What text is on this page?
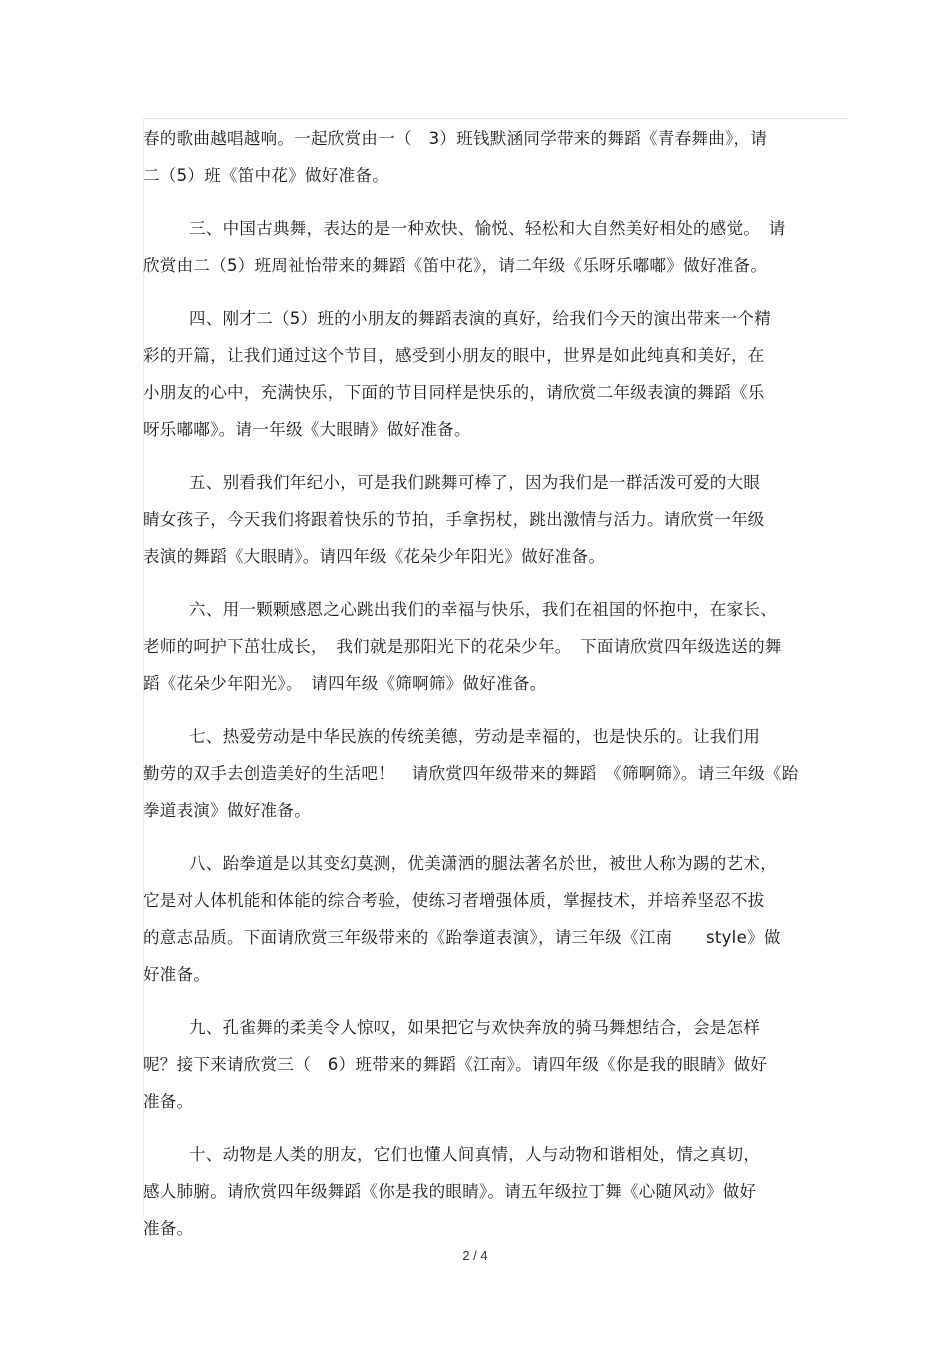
春的歌曲越唱越响。一起欣赏由一（　3）班钱默涵同学带来的舞蹈《青春舞曲》，请
二（5）班《笛中花》做好准备。
三、中国古典舞，表达的是一种欢快、愉悦、轻松和大自然美好相处的感觉。　请
欣赏由二（5）班周祉怡带来的舞蹈《笛中花》，请二年级《乐呀乐嘟嘟》做好准备。
四、刚才二（5）班的小朋友的舞蹈表演的真好，给我们今天的演出带来一个精
彩的开篇，让我们通过这个节目，感受到小朋友的眼中，世界是如此纯真和美好，在
小朋友的心中，充满快乐，下面的节目同样是快乐的，请欣赏二年级表演的舞蹈《乐
呀乐嘟嘟》。请一年级《大眼睛》做好准备。
五、别看我们年纪小，可是我们跳舞可棒了，因为我们是一群活泼可爱的大眼
睛女孩子，今天我们将跟着快乐的节拍，手拿拐杖，跳出激情与活力。请欣赏一年级
表演的舞蹈《大眼睛》。请四年级《花朵少年阳光》做好准备。
六、用一颗颗感恩之心跳出我们的幸福与快乐，我们在祖国的怀抱中，在家长、
老师的呵护下茁壮成长，　我们就是那阳光下的花朵少年。　下面请欣赏四年级选送的舞
蹈《花朵少年阳光》。　请四年级《筛啊筛》做好准备。
七、热爱劳动是中华民族的传统美德，劳动是幸福的，也是快乐的。让我们用
勤劳的双手去创造美好的生活吧！　请欣赏四年级带来的舞蹈　《筛啊筛》。请三年级《跆
拳道表演》做好准备。
八、跆拳道是以其变幻莫测，优美潇洒的腿法著名於世，被世人称为踢的艺术，
它是对人体机能和体能的综合考验，使练习者增强体质，掌握技术，并培养坚忍不拔
的意志品质。下面请欣赏三年级带来的《跆拳道表演》，请三年级《江南　　style》做
好准备。
九、孔雀舞的柔美令人惊叹，如果把它与欢快奔放的骑马舞想结合，会是怎样
呢？接下来请欣赏三（　6）班带来的舞蹈《江南》。请四年级《你是我的眼睛》做好
准备。
十、动物是人类的朋友，它们也懂人间真情，人与动物和谐相处，情之真切，
感人肺腑。请欣赏四年级舞蹈《你是我的眼睛》。请五年级拉丁舞《心随风动》做好
准备。
2 / 4
